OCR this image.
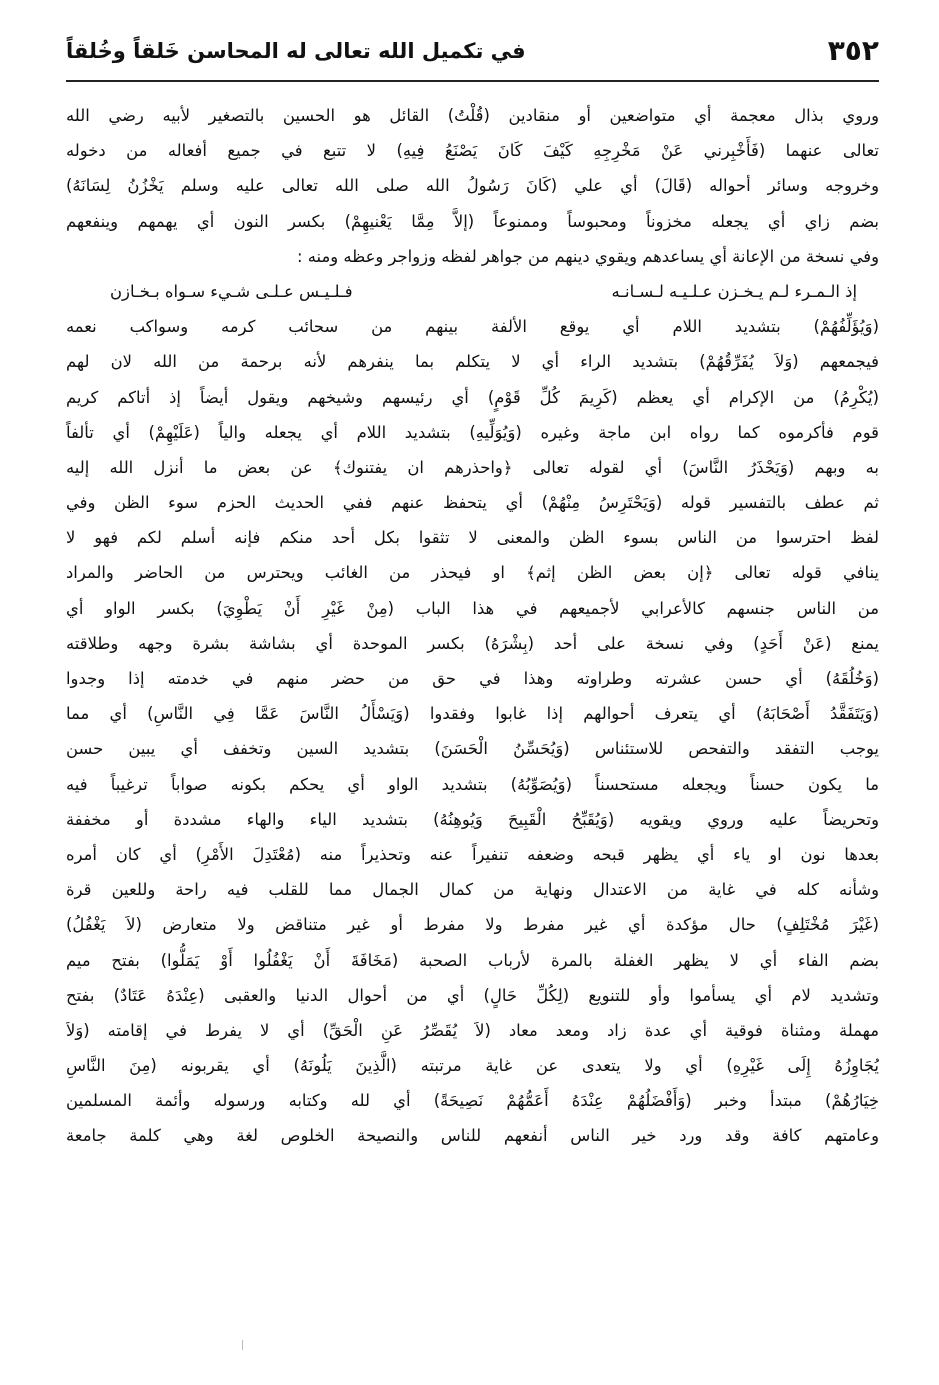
٣٥٢
في تكميل الله تعالى له المحاسن خَلقاً وخُلقاً
وروي بذال معجمة أي متواضعين أو منقادين (قُلْتُ) القائل هو الحسين بالتصغير لأبيه رضي الله
تعالى عنهما (فَأَخْبِرني عَنْ مَخْرِجِهِ كَيْفَ كَانَ يَصْنَعُ فِيهِ) لا تتبع في جميع أفعاله من دخوله
وخروجه وسائر أحواله (قَالَ) أي علي (كَانَ رَسُولُ الله صلى الله تعالى عليه وسلم يَخْزُنُ لِسَانَهُ)
بضم زاي أي يجعله مخزوناً ومحبوساً وممنوعاً (إلاَّ مِمَّا يَعْنيهِمْ) بكسر النون أي يهمهم وينفعهم
وفي نسخة من الإعانة أي يساعدهم ويقوي دينهم من جواهر لفظه وزواجر وعظه ومنه :
إذ الـمـرء لـم يـخـزن عـلـيـه لـسـانـه
فـلـيـس عـلـى شـيء سـواه بـخـازن
(وَيُؤَلِّفُهُمْ) بتشديد اللام أي يوقع الألفة بينهم من سحائب كرمه وسواكب نعمه
فيجمعهم (وَلاَ يُفَرِّقُهُمْ) بتشديد الراء أي لا يتكلم بما ينفرهم لأنه برحمة من الله لان لهم
(يُكْرِمُ) من الإكرام أي يعظم (كَرِيمَ كُلِّ قَوْمٍ) أي رئيسهم وشيخهم ويقول أيضاً إذ أتاكم كريم
قوم فأكرموه كما رواه ابن ماجة وغيره (وَيُوَلِّيهِ) بتشديد اللام أي يجعله والياً (عَلَيْهِمْ) أي تألفاً
به وبهم (وَيَحْذَرُ النَّاسَ) أي لقوله تعالى ﴿واحذرهم ان يفتنوك﴾ عن بعض ما أنزل الله إليه
ثم عطف بالتفسير قوله (وَيَحْتَرِسُ مِنْهُمْ) أي يتحفظ عنهم ففي الحديث الحزم سوء الظن وفي
لفظ احترسوا من الناس بسوء الظن والمعنى لا تثقوا بكل أحد منكم فإنه أسلم لكم فهو لا
ينافي قوله تعالى ﴿إن بعض الظن إثم﴾ او فيحذر من الغائب ويحترس من الحاضر والمراد
من الناس جنسهم كالأعرابي لأجميعهم في هذا الباب (مِنْ غَيْرِ أَنْ يَطْوِيَ) بكسر الواو أي
يمنع (عَنْ أَحَدٍ) وفي نسخة على أحد (بِشْرَهُ) بكسر الموحدة أي بشاشة بشرة وجهه وطلاقته
(وَخُلُقَهُ) أي حسن عشرته وطراوته وهذا في حق من حضر منهم في خدمته إذا وجدوا
(وَيَتَفَقَّدُ أَصْحَابَهُ) أي يتعرف أحوالهم إذا غابوا وفقدوا (وَيَسْأَلُ النَّاسَ عَمَّا فِي النَّاسِ) أي مما
يوجب التفقد والتفحص للاستئناس (وَيُحَسِّنُ الْحَسَنَ) بتشديد السين وتخفف أي يبين حسن
ما يكون حسناً ويجعله مستحسناً (وَيُصَوِّبُهُ) بتشديد الواو أي يحكم بكونه صواباً ترغيباً فيه
وتحريضاً عليه وروي ويقويه (وَيُقَبِّحُ الْقَبِيحَ وَيُوهِنُهُ) بتشديد الياء والهاء مشددة أو مخففة
بعدها نون او ياء أي يظهر قبحه وضعفه تنفيراً عنه وتحذيراً منه (مُعْتَدِلَ الأَمْرِ) أي كان أمره
وشأنه كله في غاية من الاعتدال ونهاية من كمال الجمال مما للقلب فيه راحة وللعين قرة
(غَيْرَ مُخْتَلِفٍ) حال مؤكدة أي غير مفرط ولا مفرط أو غير متناقض ولا متعارض (لاَ يَغْفُلُ)
بضم الفاء أي لا يظهر الغفلة بالمرة لأرباب الصحبة (مَخَافَةَ أَنْ يَغْفُلُوا أَوْ يَمَلُّوا) بفتح ميم
وتشديد لام أي يسأموا وأو للتنويع (لِكُلِّ حَالٍ) أي من أحوال الدنيا والعقبى (عِنْدَهُ عَتَادٌ) بفتح
مهملة ومثناة فوقية أي عدة زاد ومعد معاد (لاَ يُقَصِّرُ عَنِ الْحَقِّ) أي لا يفرط في إقامته (وَلاَ
يُجَاوِزُهُ إِلَى غَيْرِهِ) أي ولا يتعدى عن غاية مرتبته (الَّذِينَ يَلُونَهُ) أي يقربونه (مِنَ النَّاسِ
خِيَارُهُمْ) مبتدأ وخبر (وَأَفْضَلُهُمْ عِنْدَهُ أَعَمُّهُمْ نَصِيحَةً) أي لله وكتابه ورسوله وأئمة المسلمين
وعامتهم كافة وقد ورد خير الناس أنفعهم للناس والنصيحة الخلوص لغة وهي كلمة جامعة
